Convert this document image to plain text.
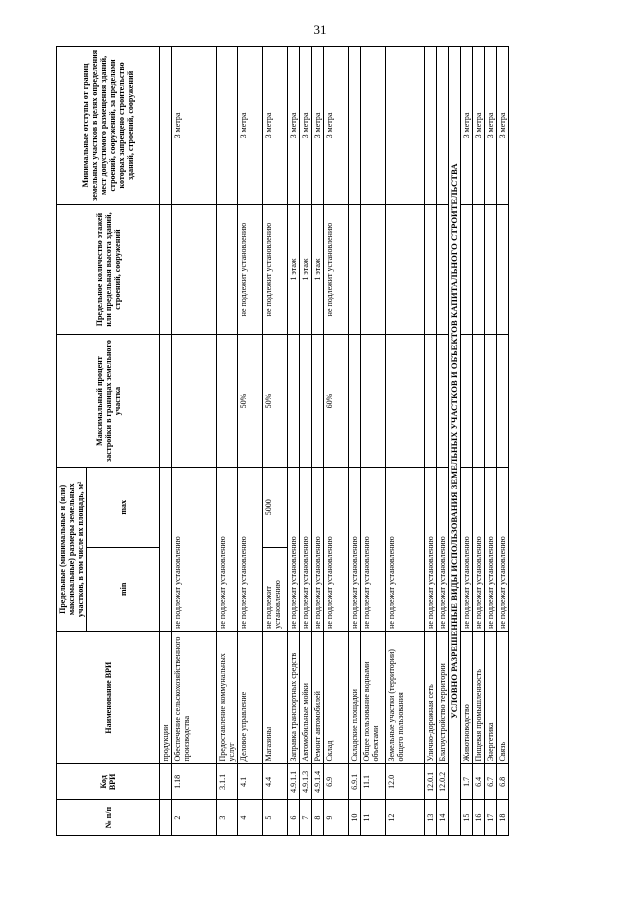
31
№ п/п	Код ВРИ	Наименование ВРИ	Предельные (минимальные и (или) максимальные) размеры земельных участков, в том числе их площадь, м²		Максимальный процент застройки в границах земельного участка	Предельное количество этажей или предельная высота зданий, строений, сооружений	Минимальные отступы от границ земельных участков в целях определения мест допустимого размещения зданий, строений, сооружений, за пределами которых запрещено строительство зданий, строений, сооружений
			min	max			
		продукции					
2	1.18	Обеспечение сельскохозяйственного производства	не подлежат установлению				3 метра
3	3.1.1	Предоставление коммунальных услуг	не подлежат установлению				
4	4.1	Деловое управление	не подлежат установлению		50%	не подлежит установлению	3 метра
5	4.4	Магазины	не подлежит установлению	5000	50%	не подлежит установлению	3 метра
6	4.9.1.1	Заправка транспортных средств	не подлежат установлению			1 этаж	3 метра
7	4.9.1.3	Автомобильные мойки	не подлежат установлению			1 этаж	3 метра
8	4.9.1.4	Ремонт автомобилей	не подлежат установлению			1 этаж	3 метра
9	6.9	Склад	не подлежат установлению		60%	не подлежит установлению	3 метра
10	6.9.1	Складские площадки	не подлежат установлению				
11	11.1	Общее пользование водными объектами	не подлежат установлению				
12	12.0	Земельные участки (территории) общего пользования	не подлежат установлению				
13	12.0.1	Улично-дорожная сеть	не подлежат установлению				
14	12.0.2	Благоустройство территории	не подлежат установлению				
УСЛОВНО РАЗРЕШЕННЫЕ ВИДЫ ИСПОЛЬЗОВАНИЯ ЗЕМЕЛЬНЫХ УЧАСТКОВ И ОБЪЕКТОВ КАПИТАЛЬНОГО СТРОИТЕЛЬСТВА							
15	1.7	Животноводство	не подлежат установлению				3 метра
16	6.4	Пищевая промышленность	не подлежат установлению				3 метра
17	6.7	Энергетика	не подлежат установлению				3 метра
18	6.8	Связь	не подлежат установлению				3 метра
